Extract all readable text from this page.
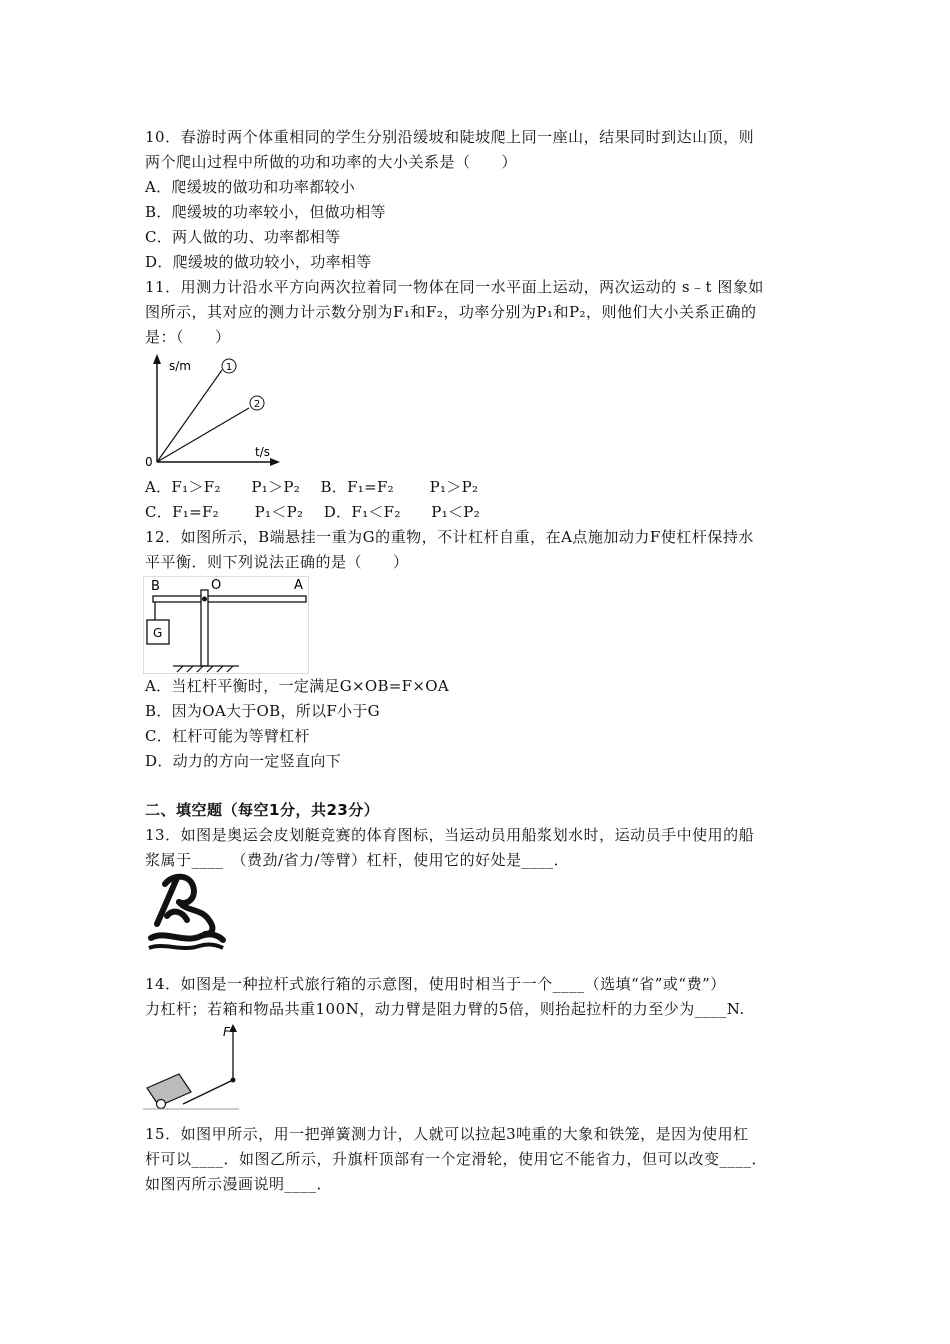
10．春游时两个体重相同的学生分别沿缓坡和陡坡爬上同一座山，结果同时到达山顶，则
两个爬山过程中所做的功和功率的大小关系是（　　）
A．爬缓坡的做功和功率都较小
B．爬缓坡的功率较小，但做功相等
C．两人做的功、功率都相等
D．爬缓坡的做功较小，功率相等
11．用测力计沿水平方向两次拉着同一物体在同一水平面上运动，两次运动的 s﹣t 图象如
图所示，其对应的测力计示数分别为F₁和F₂，功率分别为P₁和P₂，则他们大小关系正确的
是：（　　）
s/m
t/s
0
1
2
A．F₁＞F₂　　P₁＞P₂　 B．F₁=F₂　　 P₁＞P₂
C．F₁=F₂　　 P₁＜P₂　 D．F₁＜F₂　　P₁＜P₂
12．如图所示，B端悬挂一重为G的重物，不计杠杆自重，在A点施加动力F使杠杆保持水
平平衡．则下列说法正确的是（　　）
B	O	A
G
A．当杠杆平衡时，一定满足G×OB=F×OA
B．因为OA大于OB，所以F小于G
C．杠杆可能为等臂杠杆
D．动力的方向一定竖直向下
二、填空题（每空1分，共23分）
13．如图是奥运会皮划艇竞赛的体育图标，当运动员用船浆划水时，运动员手中使用的船
浆属于____　（费劲/省力/等臂）杠杆，使用它的好处是____．
14．如图是一种拉杆式旅行箱的示意图，使用时相当于一个____（选填“省”或“费”）
力杠杆；若箱和物品共重100N，动力臂是阻力臂的5倍，则抬起拉杆的力至少为____N.
F
15．如图甲所示，用一把弹簧测力计，人就可以拉起3吨重的大象和铁笼，是因为使用杠
杆可以____．如图乙所示，升旗杆顶部有一个定滑轮，使用它不能省力，但可以改变____．
如图丙所示漫画说明____．
